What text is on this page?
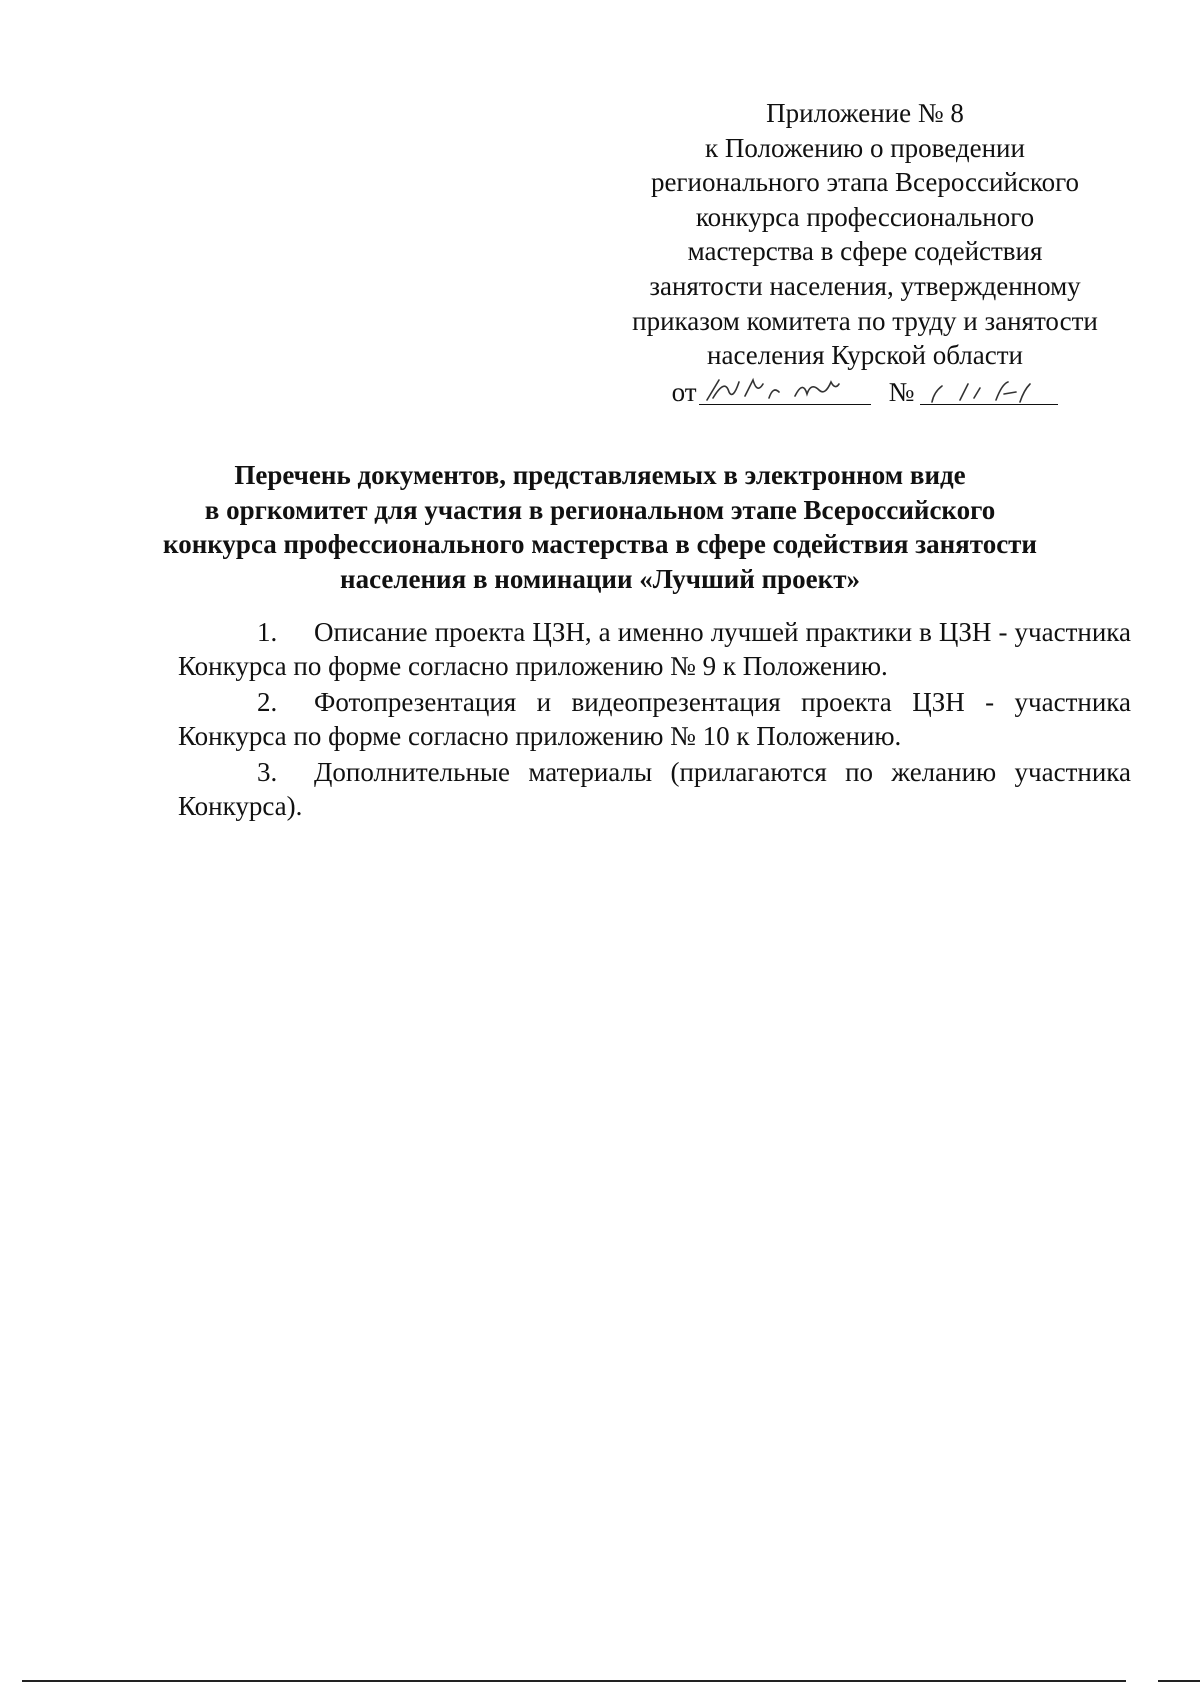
Приложение № 8
к Положению о проведении
регионального этапа Всероссийского
конкурса профессионального
мастерства в сфере содействия
занятости населения, утвержденному
приказом комитета по труду и занятости
населения Курской области
от	№
Перечень документов, представляемых в электронном виде
в оргкомитет для участия в региональном этапе Всероссийского
конкурса профессионального мастерства в сфере содействия занятости
населения в номинации «Лучший проект»

1. Описание проекта ЦЗН, а именно лучшей практики в ЦЗН - участника Конкурса по форме согласно приложению № 9 к Положению.

2. Фотопрезентация и видеопрезентация проекта ЦЗН - участника Конкурса по форме согласно приложению № 10 к Положению.

3. Дополнительные материалы (прилагаются по желанию участника Конкурса).
